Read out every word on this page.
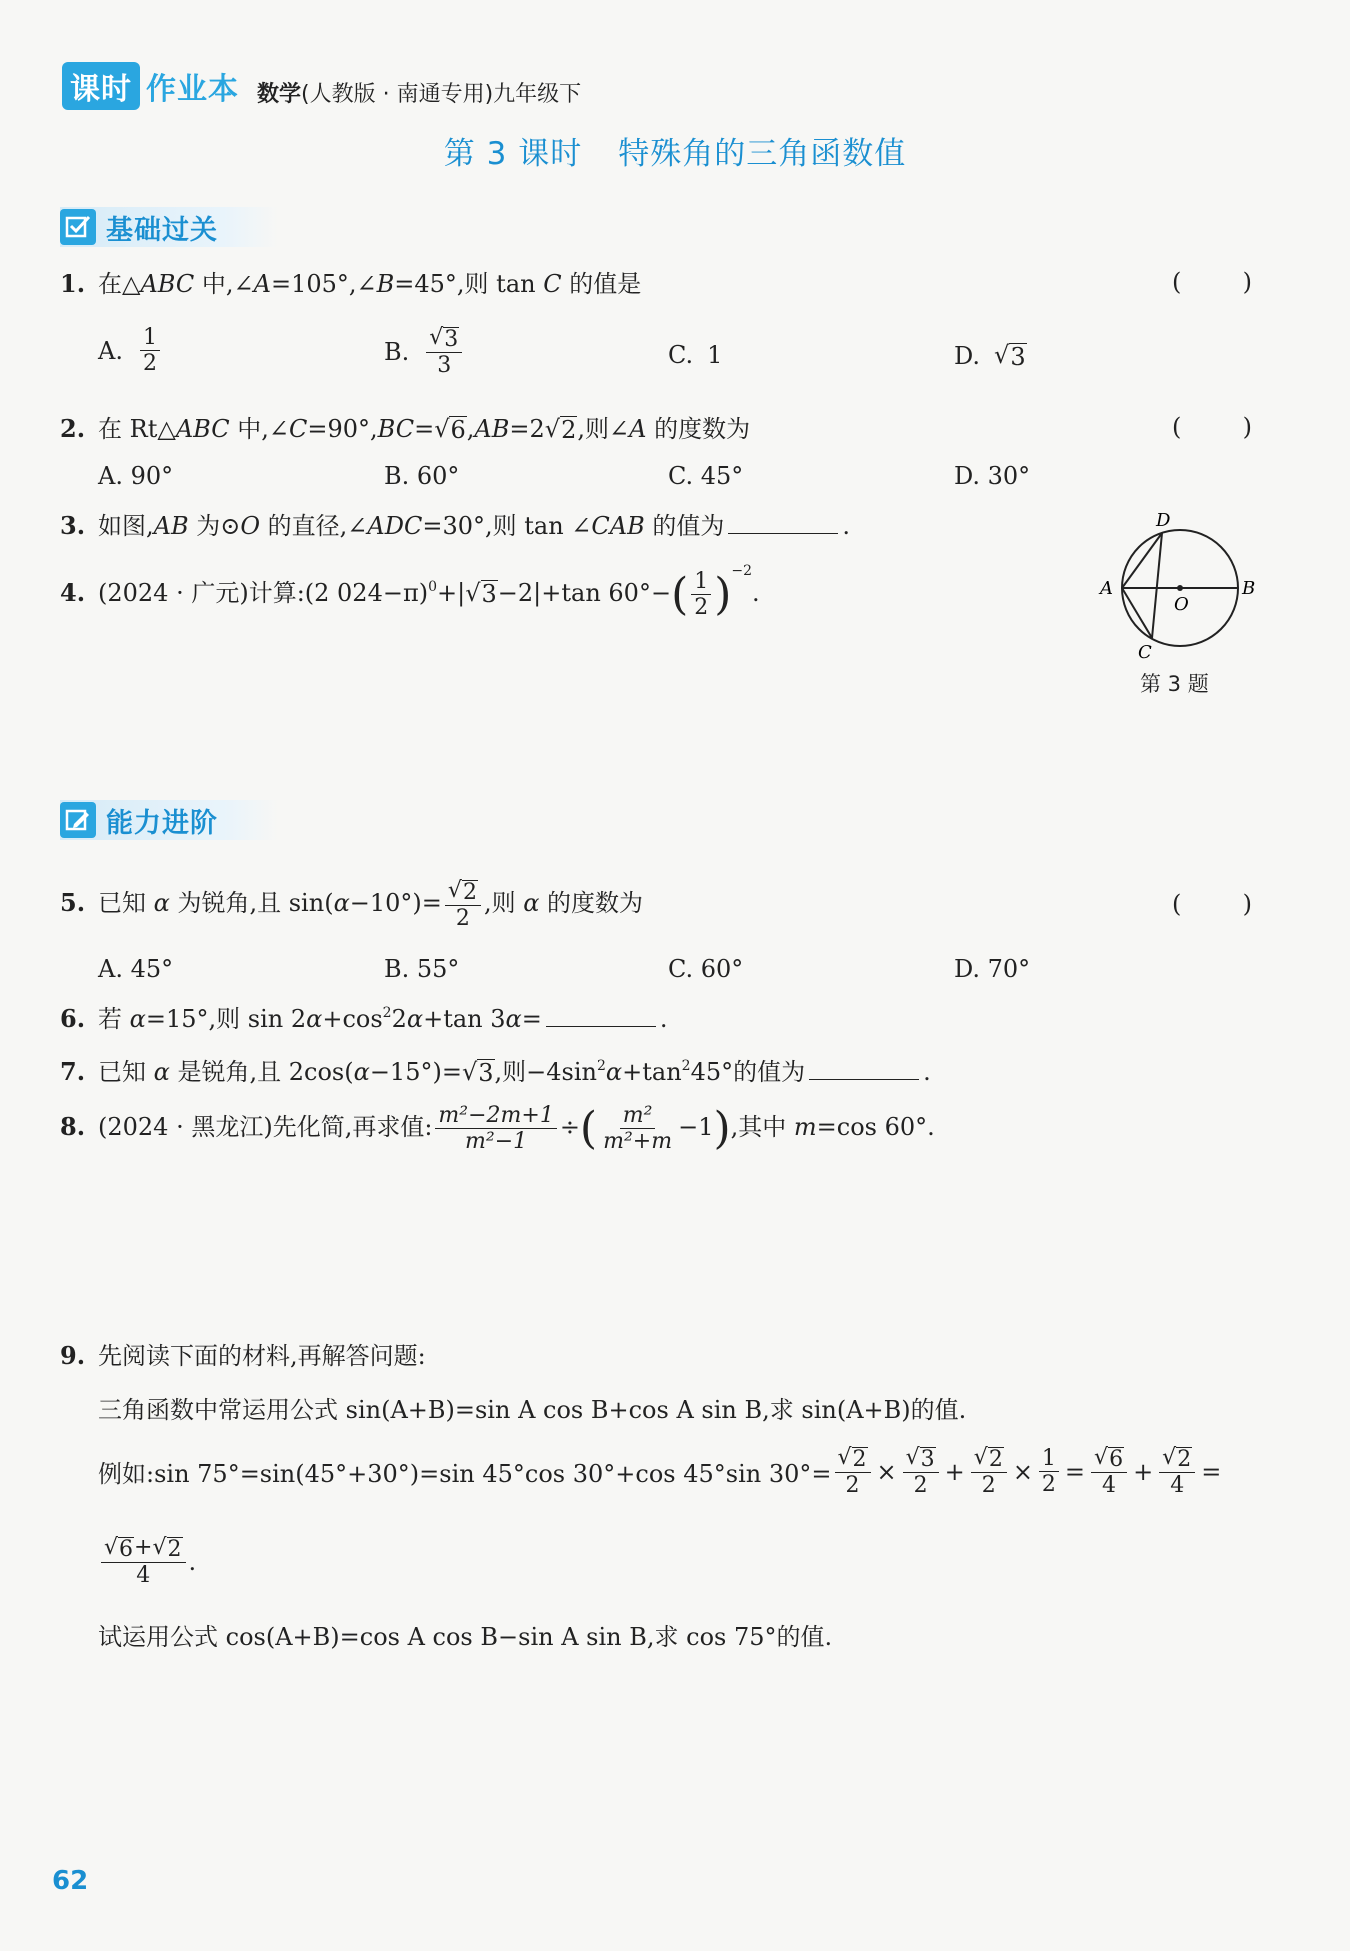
课时 作业本 数学(人教版 · 南通专用)九年级下
第 3 课时 特殊角的三角函数值
基础过关
1. 在△ABC 中,∠A=105°,∠B=45°,则 tan C 的值是	(	)
A. $\frac{1}{2}$	B. $\frac{√ 3}{3}$	C. 1	D. √ 3
2. 在 Rt△ABC 中,∠C=90°,BC= √ 6 ,AB=2 √ 2 ,则∠A 的度数为	(	)
A. 90°	B. 60°	C. 45°	D. 30°
3. 如图,AB 为⊙O 的直径,∠ADC=30°,则 tan ∠CAB 的值为	.
4. (2024 · 广元)计算:(2 024−π)$^0$+| √ 3 −2|+tan $60^\circ-( \frac{1}{2} )^{-2}$.
D
A	B
O
C
第 3 题
能力进阶
5. 已知 α 为锐角,且 $\sin(\alpha-10^\circ)= \frac{√ 2}{2}$ ,则 α 的度数为	(	)
A. 45°	B. 55°	C. 60°	D. 70°
6. 若 α=15°,则 $\sin 2\alpha+\cos^22\alpha+\tan$ 3α=	.
7. 已知 α 是锐角,且 2cos(α−15°)= √ 3 ,则$-4\sin^2\alpha+\tan^245^\circ$的值为	.
8. (2024 · 黑龙江)先化简,再求值: $\frac{\text{m²−2m+1}}{\text{m²−1}}$ ÷( $\frac{\text{m²}}{\text{m²+m}} -1$),其中 m=cos 60°.
9. 先阅读下面的材料,再解答问题:
三角函数中常运用公式 sin(A+B)=sin A cos B+cos A sin B,求 sin(A+B)的值.
例如:sin 75°=sin(45°+30°)=sin 45°cos 30°+cos 45°sin $30^\circ= \frac{√ 2}{2} \times \frac{√ 3}{2} + \frac{√ 2}{2} \times \frac{1}{2} = \frac{√ 6}{4} + \frac{√ 2}{4}$ =
$\frac{√ 6 + √ 2}{4}$ .
试运用公式 cos(A+B)=cos A cos B−sin A sin B,求 cos 75°的值.
62
